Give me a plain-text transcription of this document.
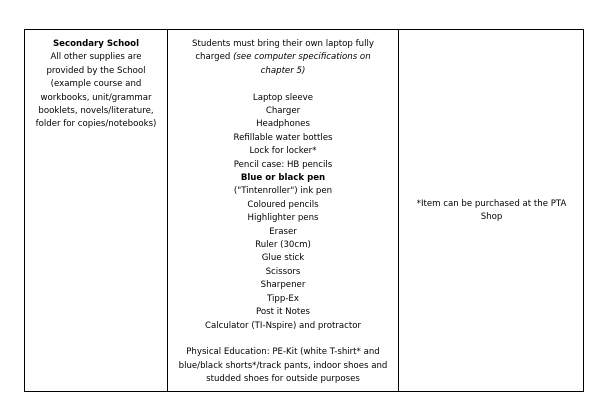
Secondary School
All other supplies are provided by the School (example course and workbooks, unit/grammar booklets, novels/literature, folder for copies/notebooks)
Students must bring their own laptop fully charged (see computer specifications on chapter 5)
Laptop sleeve
Charger
Headphones
Refillable water bottles
Lock for locker*
Pencil case: HB pencils
Blue or black pen
("Tintenroller") ink pen
Coloured pencils
Highlighter pens
Eraser
Ruler (30cm)
Glue stick
Scissors
Sharpener
Tipp-Ex
Post it Notes
Calculator (TI-Nspire) and protractor
Physical Education: PE-Kit (white T-shirt* and blue/black shorts*/track pants, indoor shoes and studded shoes for outside purposes
*Item can be purchased at the PTA Shop
